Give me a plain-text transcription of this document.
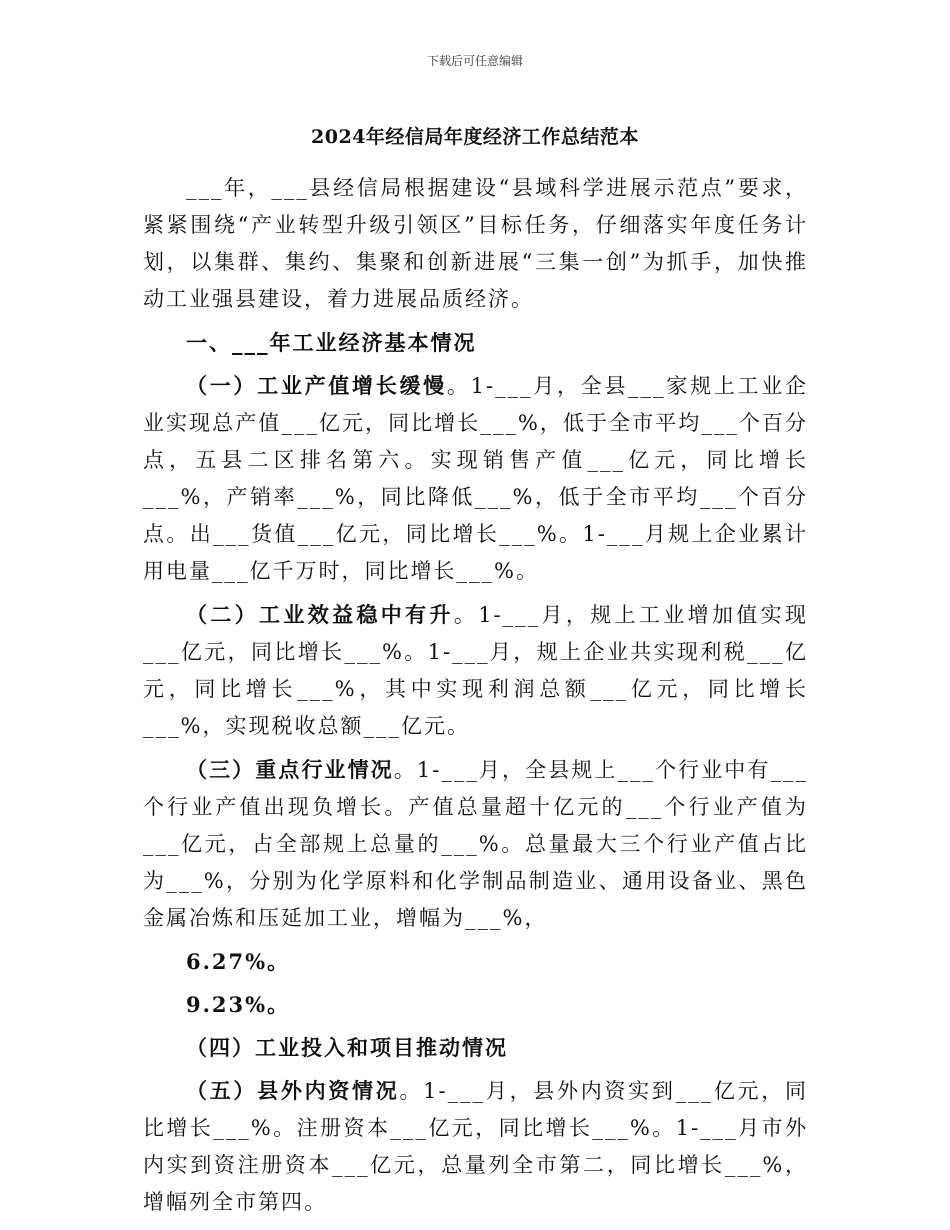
下载后可任意编辑
2024年经信局年度经济工作总结范本

___年，___县经信局根据建设“县域科学进展示范点”要求，紧紧围绕“产业转型升级引领区”目标任务，仔细落实年度任务计划，以集群、集约、集聚和创新进展“三集一创”为抓手，加快推动工业强县建设，着力进展品质经济。

一、___年工业经济基本情况

（一）工业产值增长缓慢。1-___月，全县___家规上工业企业实现总产值___亿元，同比增长___%，低于全市平均___个百分点，五县二区排名第六。实现销售产值___亿元，同比增长___%，产销率___%，同比降低___%，低于全市平均___个百分点。出___货值___亿元，同比增长___%。1-___月规上企业累计用电量___亿千万时，同比增长___%。

（二）工业效益稳中有升。1-___月，规上工业增加值实现___亿元，同比增长___%。1-___月，规上企业共实现利税___亿元，同比增长___%，其中实现利润总额___亿元，同比增长___%，实现税收总额___亿元。

（三）重点行业情况。1-___月，全县规上___个行业中有___个行业产值出现负增长。产值总量超十亿元的___个行业产值为___亿元，占全部规上总量的___%。总量最大三个行业产值占比为___%，分别为化学原料和化学制品制造业、通用设备业、黑色金属冶炼和压延加工业，增幅为___%，

6.27%。

9.23%。

（四）工业投入和项目推动情况

（五）县外内资情况。1-___月，县外内资实到___亿元，同比增长___%。注册资本___亿元，同比增长___%。1-___月市外内实到资注册资本___亿元，总量列全市第二，同比增长___%，增幅列全市第四。
